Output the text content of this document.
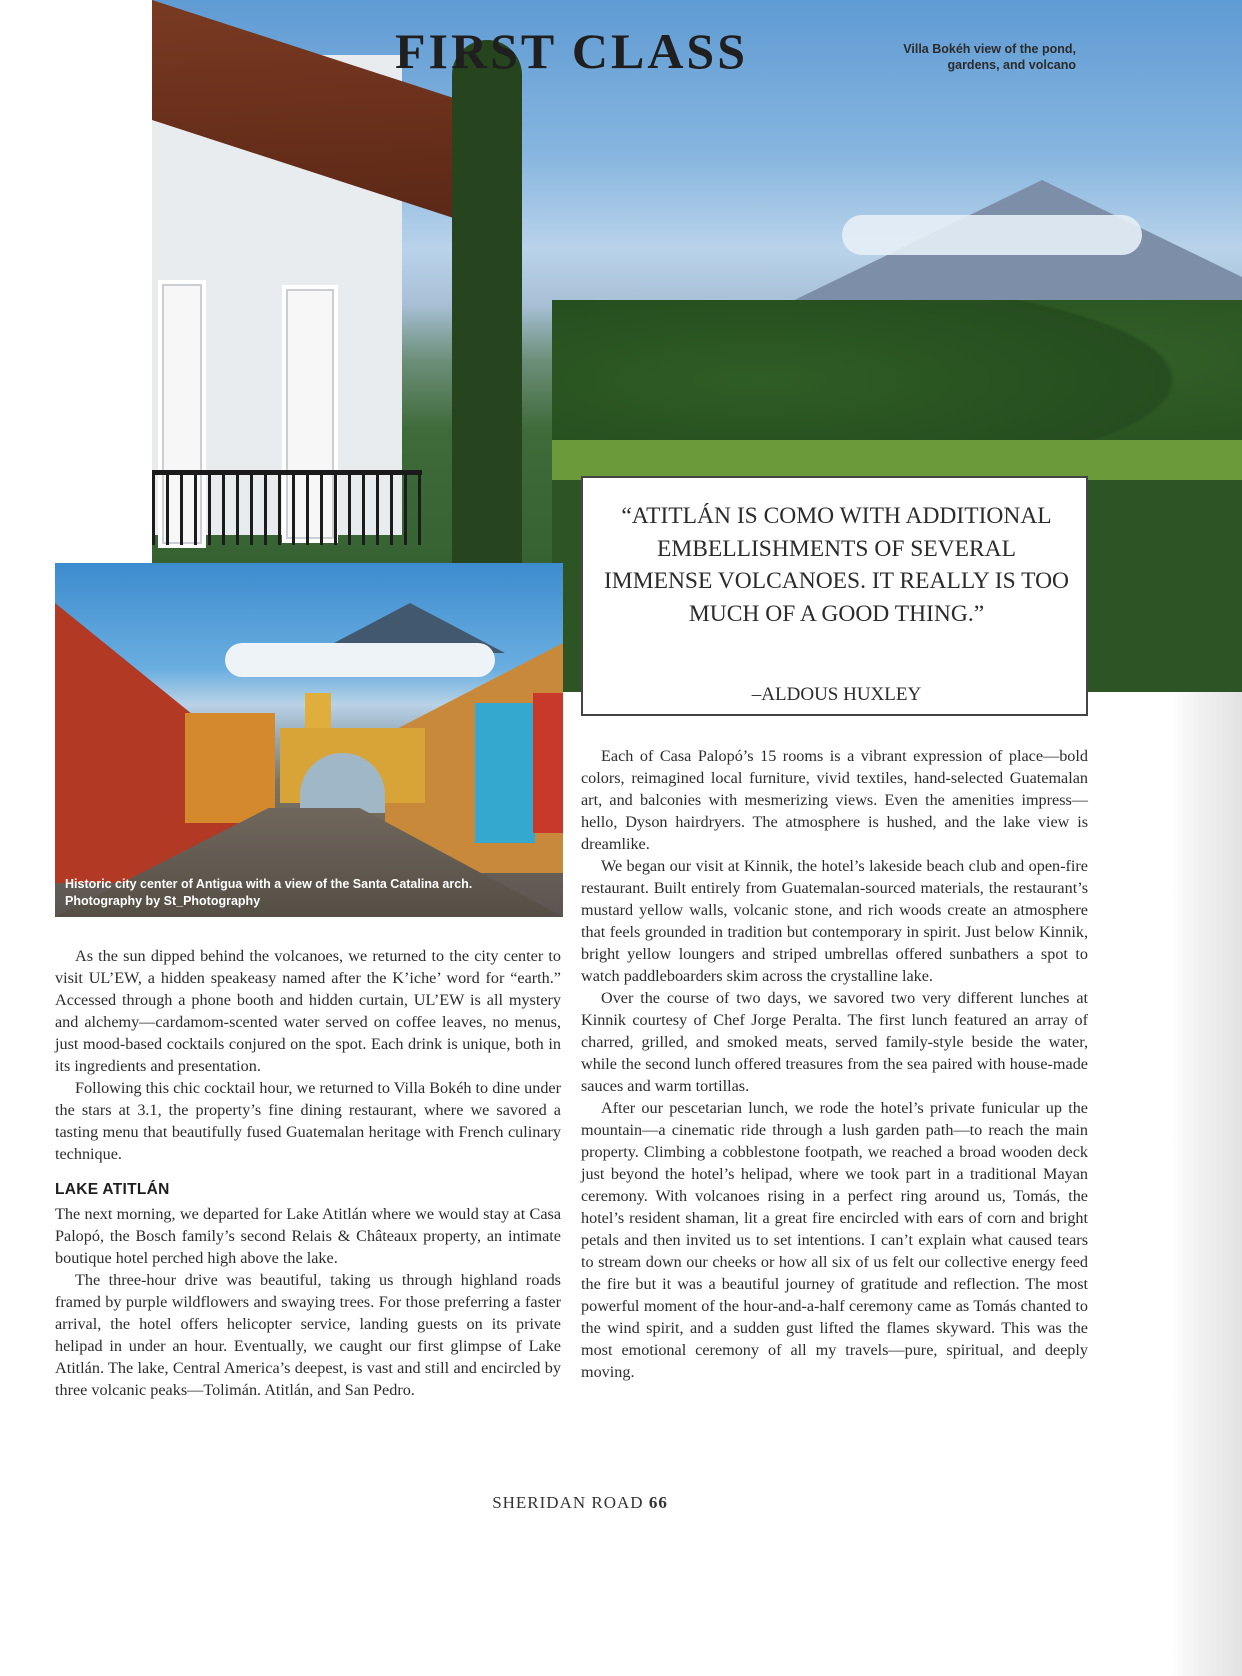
FIRST CLASS	Villa Bokéh view of the pond, gardens, and volcano
Historic city center of Antigua with a view of the Santa Catalina arch. Photography by St_Photography

“ATITLÁN IS COMO WITH ADDITIONAL EMBELLISHMENTS OF SEVERAL IMMENSE VOLCANOES. IT REALLY IS TOO MUCH OF A GOOD THING.”

–ALDOUS HUXLEY

As the sun dipped behind the volcanoes, we returned to the city center to visit UL’EW, a hidden speakeasy named after the K’iche’ word for “earth.” Accessed through a phone booth and hidden curtain, UL’EW is all mystery and alchemy—cardamom-scented water served on coffee leaves, no menus, just mood-based cocktails conjured on the spot. Each drink is unique, both in its ingredients and presentation.

Following this chic cocktail hour, we returned to Villa Bokéh to dine under the stars at 3.1, the property’s fine dining restaurant, where we savored a tasting menu that beautifully fused Guatemalan heritage with French culinary technique.

LAKE ATITLÁN

The next morning, we departed for Lake Atitlán where we would stay at Casa Palopó, the Bosch family’s second Relais & Châteaux property, an intimate boutique hotel perched high above the lake.

The three-hour drive was beautiful, taking us through highland roads framed by purple wildflowers and swaying trees. For those preferring a faster arrival, the hotel offers helicopter service, landing guests on its private helipad in under an hour. Eventually, we caught our first glimpse of Lake Atitlán. The lake, Central America’s deepest, is vast and still and encircled by three volcanic peaks—Tolimán. Atitlán, and San Pedro.

Each of Casa Palopó’s 15 rooms is a vibrant expression of place—bold colors, reimagined local furniture, vivid textiles, hand-selected Guatemalan art, and balconies with mesmerizing views. Even the amenities impress—hello, Dyson hairdryers. The atmosphere is hushed, and the lake view is dreamlike.

We began our visit at Kinnik, the hotel’s lakeside beach club and open-fire restaurant. Built entirely from Guatemalan-sourced materials, the restaurant’s mustard yellow walls, volcanic stone, and rich woods create an atmosphere that feels grounded in tradition but contemporary in spirit. Just below Kinnik, bright yellow loungers and striped umbrellas offered sunbathers a spot to watch paddleboarders skim across the crystalline lake.

Over the course of two days, we savored two very different lunches at Kinnik courtesy of Chef Jorge Peralta. The first lunch featured an array of charred, grilled, and smoked meats, served family-style beside the water, while the second lunch offered treasures from the sea paired with house-made sauces and warm tortillas.

After our pescetarian lunch, we rode the hotel’s private funicular up the mountain—a cinematic ride through a lush garden path—to reach the main property. Climbing a cobblestone footpath, we reached a broad wooden deck just beyond the hotel’s helipad, where we took part in a traditional Mayan ceremony. With volcanoes rising in a perfect ring around us, Tomás, the hotel’s resident shaman, lit a great fire encircled with ears of corn and bright petals and then invited us to set intentions. I can’t explain what caused tears to stream down our cheeks or how all six of us felt our collective energy feed the fire but it was a beautiful journey of gratitude and reflection. The most powerful moment of the hour-and-a-half ceremony came as Tomás chanted to the wind spirit, and a sudden gust lifted the flames skyward. This was the most emotional ceremony of all my travels—pure, spiritual, and deeply moving.

SHERIDAN ROAD 66
